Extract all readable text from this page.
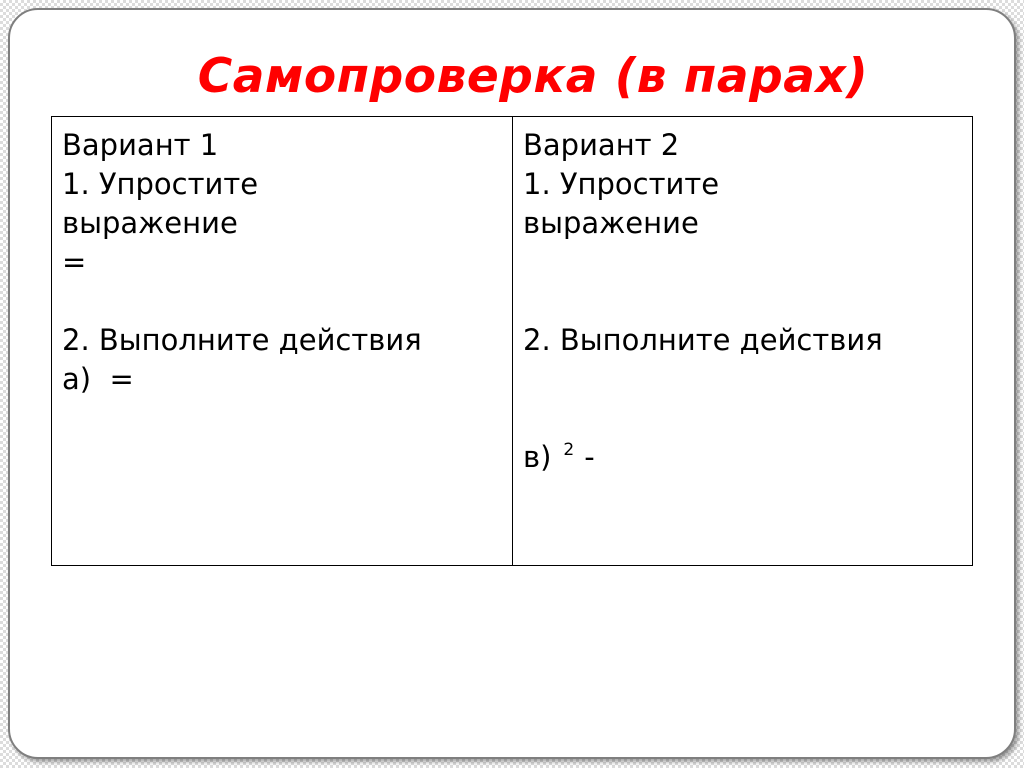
Самопроверка (в парах)
Вариант 1
1. Упростите
выражение
=
2. Выполните действия
а)  =
Вариант 2
1. Упростите
выражение
2. Выполните действия
в) $^2$ -
